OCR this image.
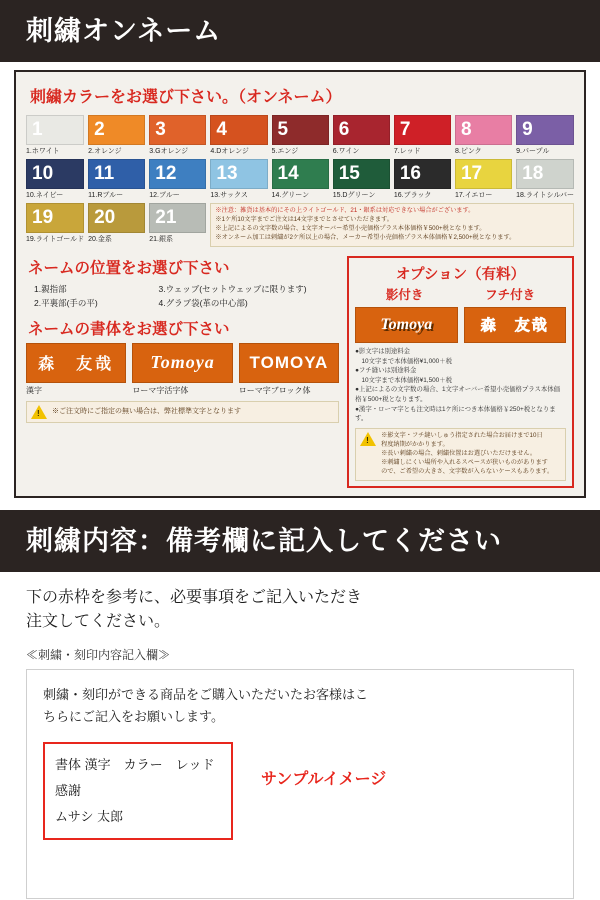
刺繍オンネーム
刺繍カラーをお選び下さい。（オンネーム）
1
1.ホワイト
2
2.オレンジ
3
3.Gオレンジ
4
4.Dオレンジ
5
5.エンジ
6
6.ワイン
7
7.レッド
8
8.ピンク
9
9.パープル
10
10.ネイビー
11
11.Rブルー
12
12.ブルー
13
13.サックス
14
14.グリーン
15
15.Dグリーン
16
16.ブラック
17
17.イエロー
18
18.ライトシルバー
19
19.ライトゴールド
20
20.金系
21
21.銀系
※注意：雑貨は基本的にその上ライトゴールド、21・銀系は対応できない場合がございます。
※1ケ所10文字までご注文は14文字までとさせていただきます。
※上記によるの文字数の場合、1文字オーバー希望小売価格プラス本体価格￥500+税となります。
※オンネーム加工は刺繍が2ケ所以上の場合、メーカー希望小売価格プラス本体価格￥2,500+税となります。
ネームの位置をお選び下さい
1.親指部	3.ウェッブ(セットウェッブに限ります)
2.平裏部(手の平)	4.グラブ袋(革の中心部)
ネームの書体をお選び下さい
森　友哉
漢字
Tomoya
ローマ字活字体
TOMOYA
ローマ字ブロック体
!
※ご注文時にご指定の無い場合は、弊社標準文字となります
オプション（有料）
影付き	フチ付き
Tomoya	森　友哉
●影文字は別途料金
　10文字まで本体価格¥1,000＋税
●フチ縫いは別途料金
　10文字まで本体価格¥1,500＋税
●上記によるの文字数の場合、1文字オーバー希望小売価格プラス本体価格￥500+税となります。
●漢字・ローマ字とも注文時は1ケ所につき本体価格￥250+税となります。
!
※影文字・フチ縫いしゅう指定された場合お届けまで10日
程度納期がかかります。
※長い刺繍の場合、刺繍位置はお選びいただけません。
※刺繍しにくい場所や入れるスペースが狭いものがあります
ので、ご希望の大きさ、文字数が入らないケースもあります。
刺繍内容：備考欄に記入してください
下の赤枠を参考に、必要事項をご記入いただき
注文してください。
≪刺繍・刻印内容記入欄≫
刺繍・刻印ができる商品をご購入いただいたお客様はこ
ちらにご記入をお願いします。
書体 漢字　カラー　レッド
感謝
ムサシ 太郎
サンプルイメージ
